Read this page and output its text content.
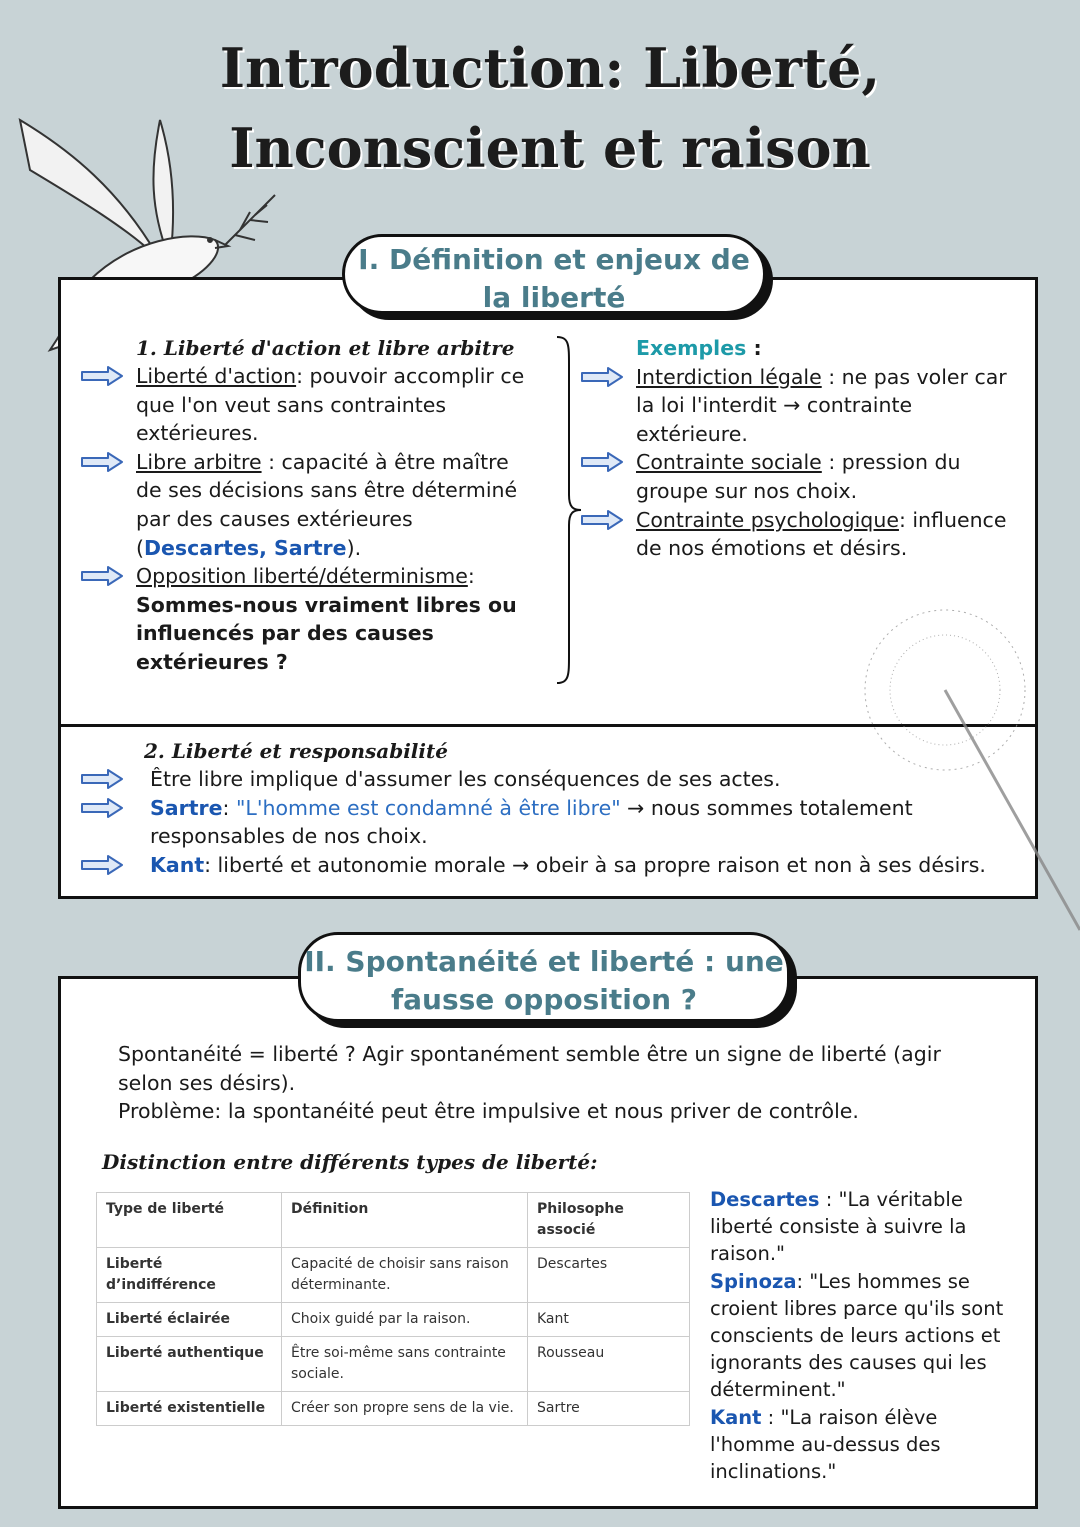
Introduction: Liberté,
Inconscient et raison
I. Définition et enjeux de
la liberté
1. Liberté d'action et libre arbitre
Liberté d'action: pouvoir accomplir ce que l'on veut sans contraintes extérieures.
Libre arbitre : capacité à être maître de ses décisions sans être déterminé par des causes extérieures (Descartes, Sartre).
Opposition liberté/déterminisme:
Sommes-nous vraiment libres ou influencés par des causes extérieures ?
Exemples :
Interdiction légale : ne pas voler car la loi l'interdit → contrainte extérieure.
Contrainte sociale : pression du groupe sur nos choix.
Contrainte psychologique: influence de nos émotions et désirs.
2. Liberté et responsabilité
Être libre implique d'assumer les conséquences de ses actes.
Sartre: "L'homme est condamné à être libre" → nous sommes totalement responsables de nos choix.
Kant: liberté et autonomie morale → obeir à sa propre raison et non à ses désirs.
II. Spontanéité et liberté : une
fausse opposition ?
Spontanéité = liberté ? Agir spontanément semble être un signe de liberté (agir selon ses désirs).
Problème: la spontanéité peut être impulsive et nous priver de contrôle.
Distinction entre différents types de liberté:
Type de liberté	Définition	Philosophe associé
Liberté d’indifférence	Capacité de choisir sans raison déterminante.	Descartes
Liberté éclairée	Choix guidé par la raison.	Kant
Liberté authentique	Être soi-même sans contrainte sociale.	Rousseau
Liberté existentielle	Créer son propre sens de la vie.	Sartre
Descartes : "La véritable liberté consiste à suivre la raison."
Spinoza: "Les hommes se croient libres parce qu'ils sont conscients de leurs actions et ignorants des causes qui les déterminent."
Kant : "La raison élève l'homme au-dessus des inclinations."
